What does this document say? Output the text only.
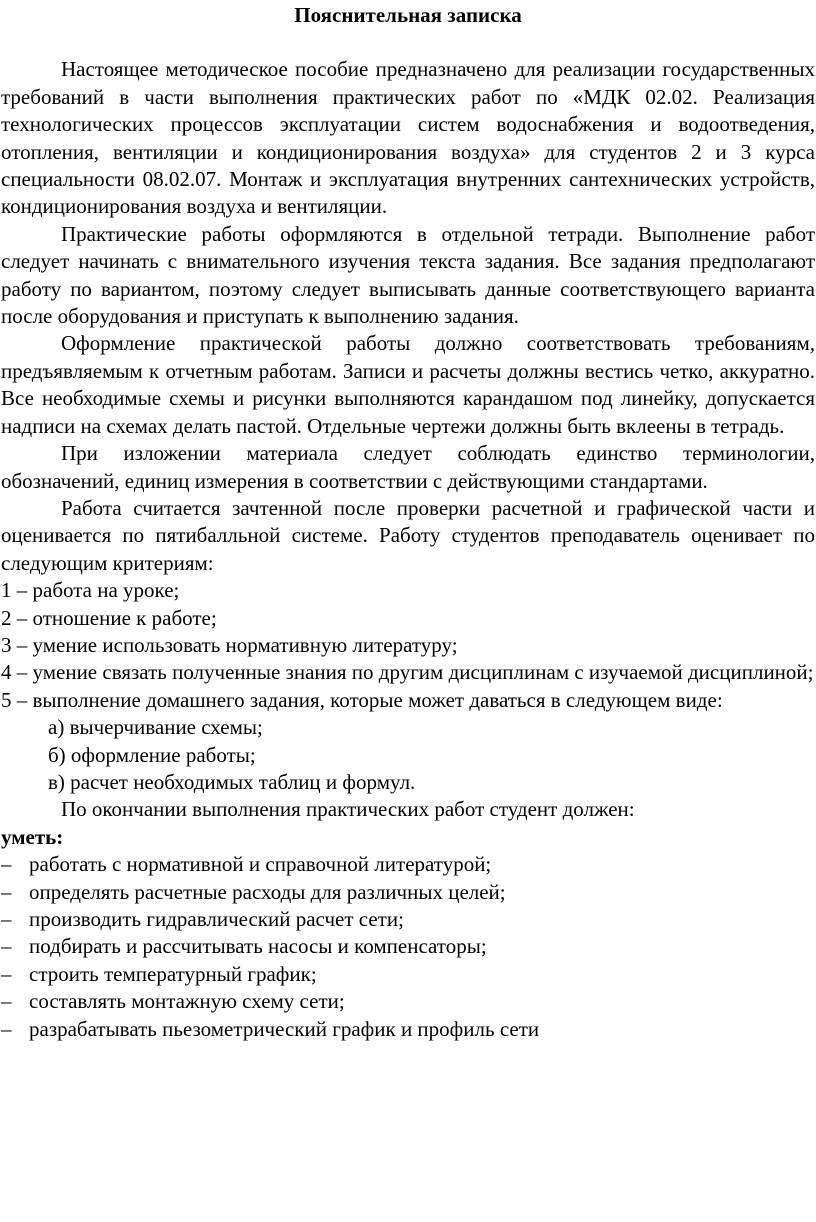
Пояснительная записка

Настоящее методическое пособие предназначено для реализации государственных требований в части выполнения практических работ по «МДК 02.02. Реализация технологических процессов эксплуатации систем водоснабжения и водоотведения, отопления, вентиляции и кондиционирования воздуха» для студентов 2 и 3 курса специальности 08.02.07. Монтаж и эксплуатация внутренних сантехнических устройств, кондиционирования воздуха и вентиляции.

Практические работы оформляются в отдельной тетради. Выполнение работ следует начинать с внимательного изучения текста задания. Все задания предполагают работу по вариантом, поэтому следует выписывать данные соответствующего варианта после оборудования и приступать к выполнению задания.

Оформление практической работы должно соответствовать требованиям, предъявляемым к отчетным работам. Записи и расчеты должны вестись четко, аккуратно. Все необходимые схемы и рисунки выполняются карандашом под линейку, допускается надписи на схемах делать пастой. Отдельные чертежи должны быть вклеены в тетрадь.

При изложении материала следует соблюдать единство терминологии, обозначений, единиц измерения в соответствии с действующими стандартами.

Работа считается зачтенной после проверки расчетной и графической части и оценивается по пятибалльной системе. Работу студентов преподаватель оценивает по следующим критериям:

1 – работа на уроке;

2 – отношение к работе;

3 – умение использовать нормативную литературу;

4 – умение связать полученные знания по другим дисциплинам с изучаемой дисциплиной;

5 – выполнение домашнего задания, которые может даваться в следующем виде:

а) вычерчивание схемы;

б) оформление работы;

в) расчет необходимых таблиц и формул.

По окончании выполнения практических работ студент должен:

уметь:

– работать с нормативной и справочной литературой;

– определять расчетные расходы для различных целей;

– производить гидравлический расчет сети;

– подбирать и рассчитывать насосы и компенсаторы;

– строить температурный график;

– составлять монтажную схему сети;

– разрабатывать пьезометрический график и профиль сети
